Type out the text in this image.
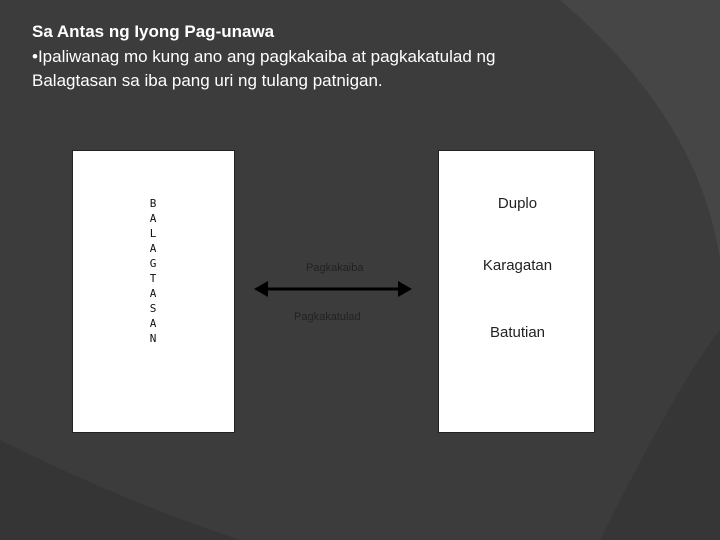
Sa Antas ng Iyong Pag-unawa

•Ipaliwanag mo kung ano ang pagkakaiba at pagkakatulad ng
Balagtasan sa iba pang uri ng tulang patnigan.

B
A
L
A
G
T
A
S
A
N
Pagkakaiba
Pagkakatulad
Duplo
Karagatan
Batutian
